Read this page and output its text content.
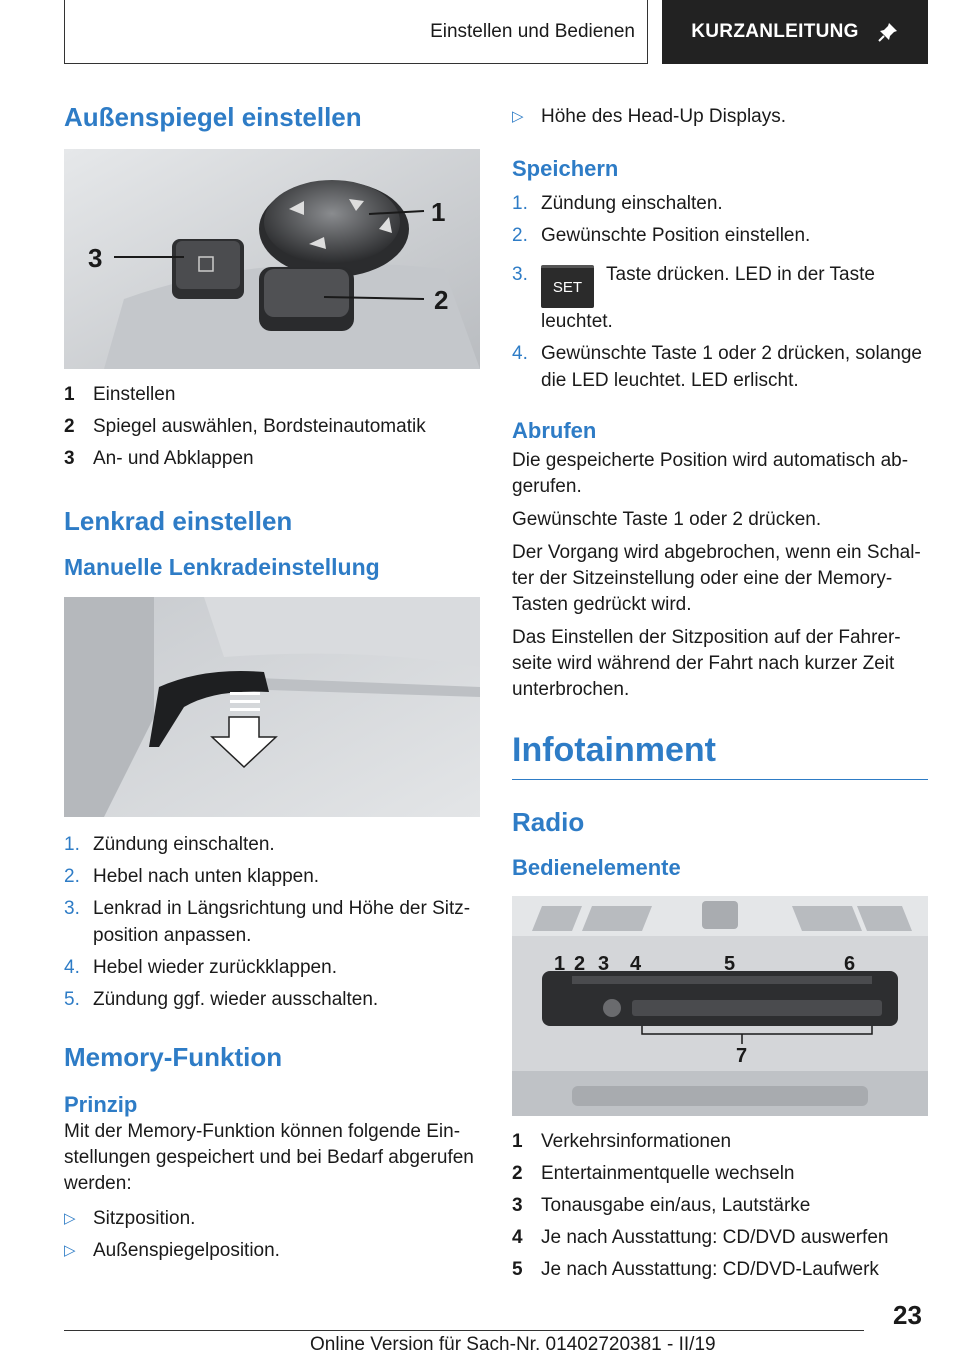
Einstellen und Bedienen	KURZANLEITUNG
Außenspiegel einstellen
1
2
3
1 Einstellen
2 Spiegel auswählen, Bordsteinautomatik
3 An- und Abklappen
Lenkrad einstellen
Manuelle Lenkradeinstellung
1. Zündung einschalten.
2. Hebel nach unten klappen.
3. Lenkrad in Längsrichtung und Höhe der Sitz-position anpassen.
4. Hebel wieder zurückklappen.
5. Zündung ggf. wieder ausschalten.
Memory-Funktion
Prinzip

Mit der Memory-Funktion können folgende Ein-stellungen gespeichert und bei Bedarf abgerufen werden:

▷ Sitzposition.
▷ Außenspiegelposition.
▷ Höhe des Head-Up Displays.
Speichern
1. Zündung einschalten.
2. Gewünschte Position einstellen.
3.
SETTaste drücken. LED in der Taste leuchtet.
4. Gewünschte Taste 1 oder 2 drücken, solange die LED leuchtet. LED erlischt.
Abrufen

Die gespeicherte Position wird automatisch ab-gerufen.

Gewünschte Taste 1 oder 2 drücken.

Der Vorgang wird abgebrochen, wenn ein Schal-ter der Sitzeinstellung oder eine der Memory-Tasten gedrückt wird.

Das Einstellen der Sitzposition auf der Fahrer-seite wird während der Fahrt nach kurzer Zeit unterbrochen.

Infotainment
Radio
Bedienelemente
1 2 3 4	5	6
7
1 Verkehrsinformationen
2 Entertainmentquelle wechseln
3 Tonausgabe ein/aus, Lautstärke
4 Je nach Ausstattung: CD/DVD auswerfen
5 Je nach Ausstattung: CD/DVD-Laufwerk
23
Online Version für Sach-Nr. 01402720381 - II/19
